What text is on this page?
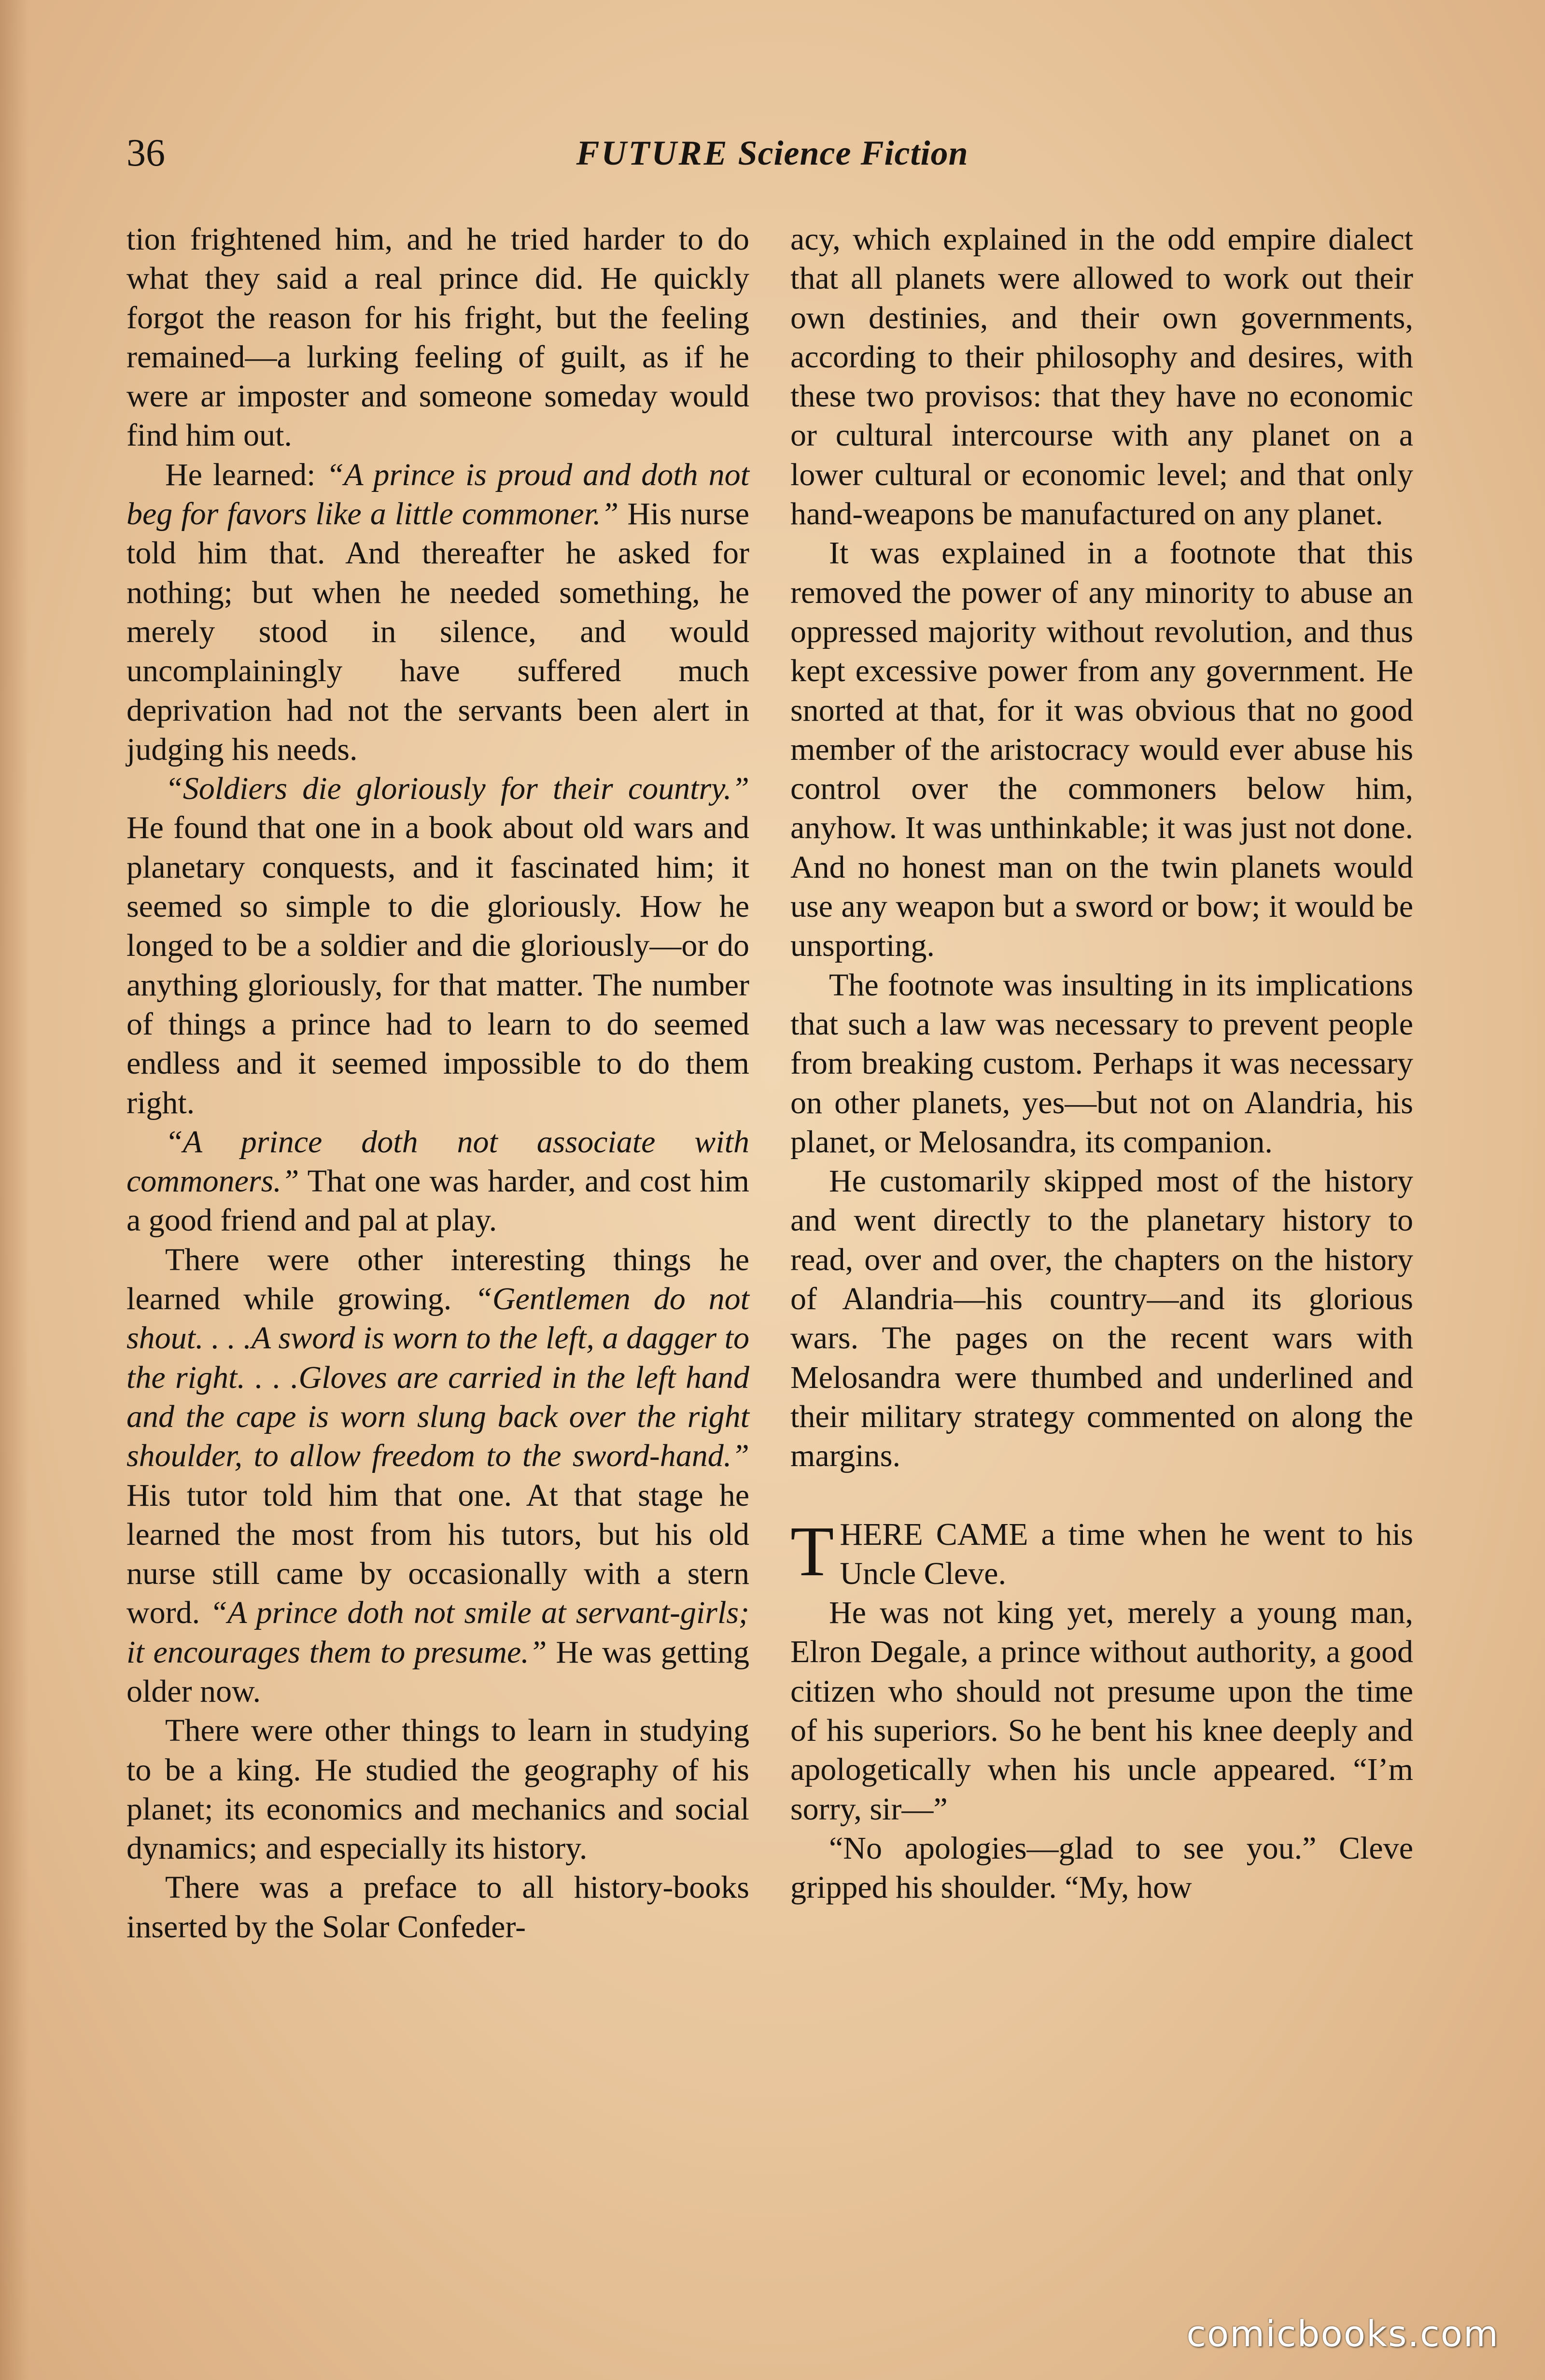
36	FUTURE Science Fiction

tion frightened him, and he tried harder to do what they said a real prince did. He quickly forgot the reason for his fright, but the feeling remained—a lurking feeling of guilt, as if he were ar imposter and someone someday would find him out.

He learned: “A prince is proud and doth not beg for favors like a little commoner.” His nurse told him that. And thereafter he asked for nothing; but when he needed something, he merely stood in silence, and would uncomplainingly have suffered much deprivation had not the servants been alert in judging his needs.

“Soldiers die gloriously for their country.” He found that one in a book about old wars and planetary conquests, and it fascinated him; it seemed so simple to die gloriously. How he longed to be a soldier and die gloriously—or do anything gloriously, for that matter. The number of things a prince had to learn to do seemed endless and it seemed impossible to do them right.

“A prince doth not associate with commoners.” That one was harder, and cost him a good friend and pal at play.

There were other interesting things he learned while growing. “Gentlemen do not shout. . . .A sword is worn to the left, a dagger to the right. . . .Gloves are carried in the left hand and the cape is worn slung back over the right shoulder, to allow freedom to the sword-hand.” His tutor told him that one. At that stage he learned the most from his tutors, but his old nurse still came by occasionally with a stern word. “A prince doth not smile at servant-girls; it encourages them to presume.” He was getting older now.

There were other things to learn in studying to be a king. He studied the geography of his planet; its economics and mechanics and social dynamics; and especially its history.

There was a preface to all history-books inserted by the Solar Confeder-

acy, which explained in the odd empire dialect that all planets were allowed to work out their own destinies, and their own governments, according to their philosophy and desires, with these two provisos: that they have no economic or cultural intercourse with any planet on a lower cultural or economic level; and that only hand-weapons be manufactured on any planet.

It was explained in a footnote that this removed the power of any minority to abuse an oppressed majority without revolution, and thus kept excessive power from any government. He snorted at that, for it was obvious that no good member of the aristocracy would ever abuse his control over the commoners below him, anyhow. It was unthinkable; it was just not done. And no honest man on the twin planets would use any weapon but a sword or bow; it would be unsporting.

The footnote was insulting in its implications that such a law was necessary to prevent people from breaking custom. Perhaps it was necessary on other planets, yes—but not on Alandria, his planet, or Melosandra, its companion.

He customarily skipped most of the history and went directly to the planetary history to read, over and over, the chapters on the history of Alandria—his country—and its glorious wars. The pages on the recent wars with Melosandra were thumbed and underlined and their military strategy commented on along the margins.

THERE CAME a time when he went to his Uncle Cleve.

He was not king yet, merely a young man, Elron Degale, a prince without authority, a good citizen who should not presume upon the time of his superiors. So he bent his knee deeply and apologetically when his uncle appeared. “I’m sorry, sir—”

“No apologies—glad to see you.” Cleve gripped his shoulder. “My, how

comicbooks.com
